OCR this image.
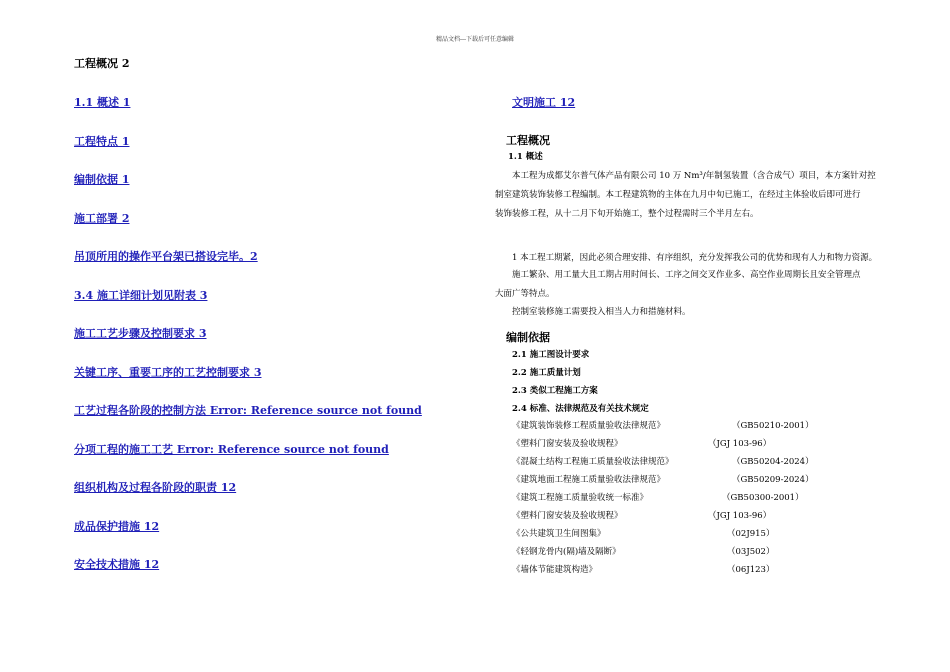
精品文档---下载后可任意编辑
工程概况 2
1.1 概述 1
工程特点 1
编制依据 1
施工部署 2
吊顶所用的操作平台架已搭设完毕。2
3.4 施工详细计划见附表 3
施工工艺步骤及控制要求 3
关键工序、重要工序的工艺控制要求 3
工艺过程各阶段的控制方法 Error: Reference source not found
分项工程的施工工艺 Error: Reference source not found
组织机构及过程各阶段的职责 12
成品保护措施 12
安全技术措施 12
文明施工 12
工程概况
1.1 概述
本工程为成都艾尔普气体产品有限公司 10 万 Nm³/年制氢装置（含合成气）项目，本方案针对控
制室建筑装饰装修工程编制。本工程建筑物的主体在九月中旬已施工，在经过主体验收后即可进行
装饰装修工程，从十二月下旬开始施工，整个过程需时三个半月左右。
1 本工程工期紧，因此必须合理安排、有序组织，充分发挥我公司的优势和现有人力和物力资源。
施工繁杂、用工量大且工期占用时间长、工序之间交叉作业多、高空作业周期长且安全管理点
大面广等特点。
控制室装修施工需要投入相当人力和措施材料。
编制依据
2.1 施工图设计要求
2.2 施工质量计划
2.3 类似工程施工方案
2.4 标准、法律规范及有关技术规定
《建筑装饰装修工程质量验收法律规范》	（GB50210-2001）
《塑料门窗安装及验收规程》	（JGJ 103-96）
《混凝土结构工程施工质量验收法律规范》	（GB50204-2024）
《建筑地面工程施工质量验收法律规范》	（GB50209-2024）
《建筑工程施工质量验收统一标准》	（GB50300-2001）
《塑料门窗安装及验收规程》	（JGJ 103-96）
《公共建筑卫生间图集》	（02J915）
《轻钢龙骨内(隔)墙及隔断》	（03J502）
《墙体节能建筑构造》	（06J123）
